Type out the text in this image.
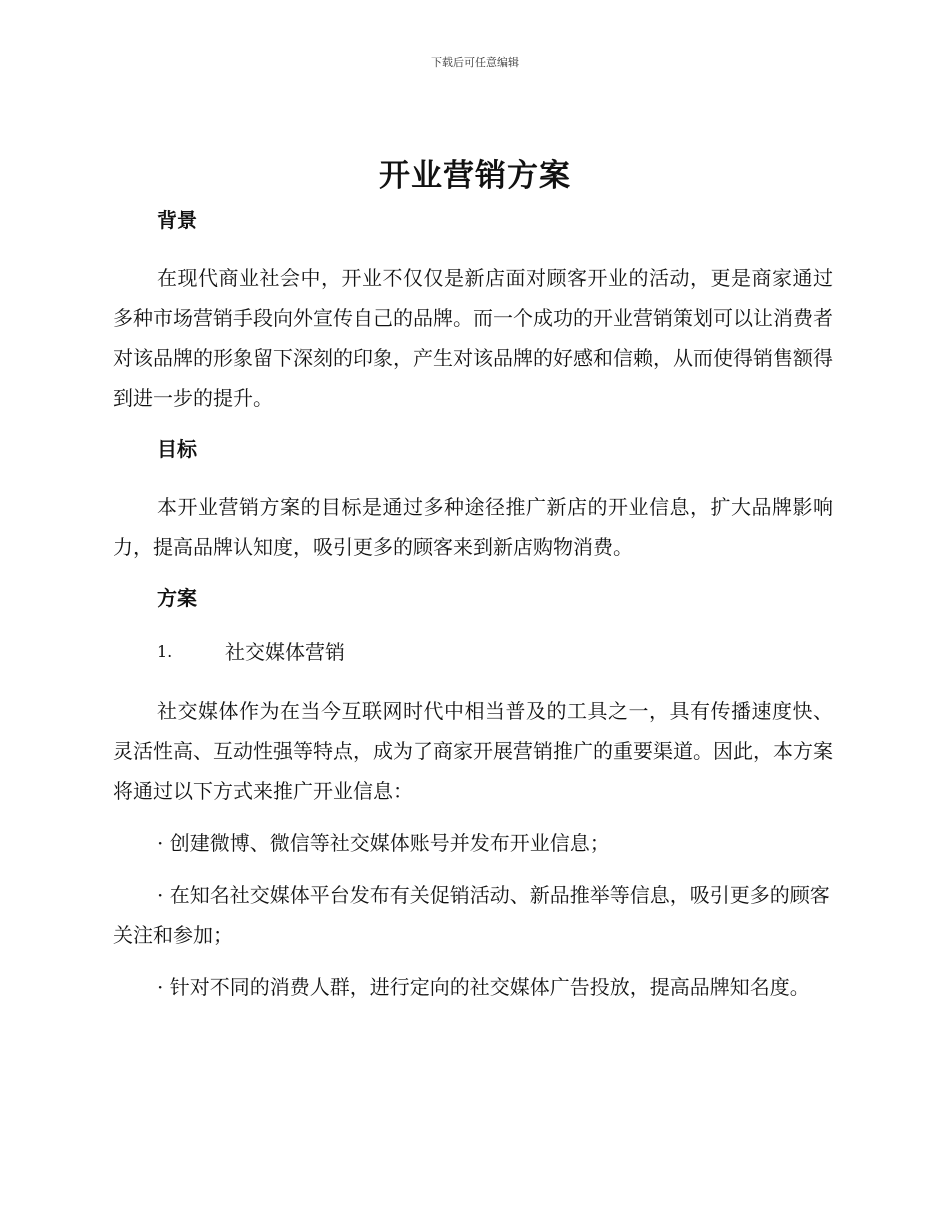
下载后可任意编辑
开业营销方案

背景

在现代商业社会中，开业不仅仅是新店面对顾客开业的活动，更是商家通过多种市场营销手段向外宣传自己的品牌。而一个成功的开业营销策划可以让消费者对该品牌的形象留下深刻的印象，产生对该品牌的好感和信赖，从而使得销售额得到进一步的提升。

目标

本开业营销方案的目标是通过多种途径推广新店的开业信息，扩大品牌影响力，提高品牌认知度，吸引更多的顾客来到新店购物消费。

方案

1.	社交媒体营销

社交媒体作为在当今互联网时代中相当普及的工具之一，具有传播速度快、灵活性高、互动性强等特点，成为了商家开展营销推广的重要渠道。因此，本方案将通过以下方式来推广开业信息：

· 创建微博、微信等社交媒体账号并发布开业信息；

· 在知名社交媒体平台发布有关促销活动、新品推举等信息，吸引更多的顾客关注和参加；

· 针对不同的消费人群，进行定向的社交媒体广告投放，提高品牌知名度。
